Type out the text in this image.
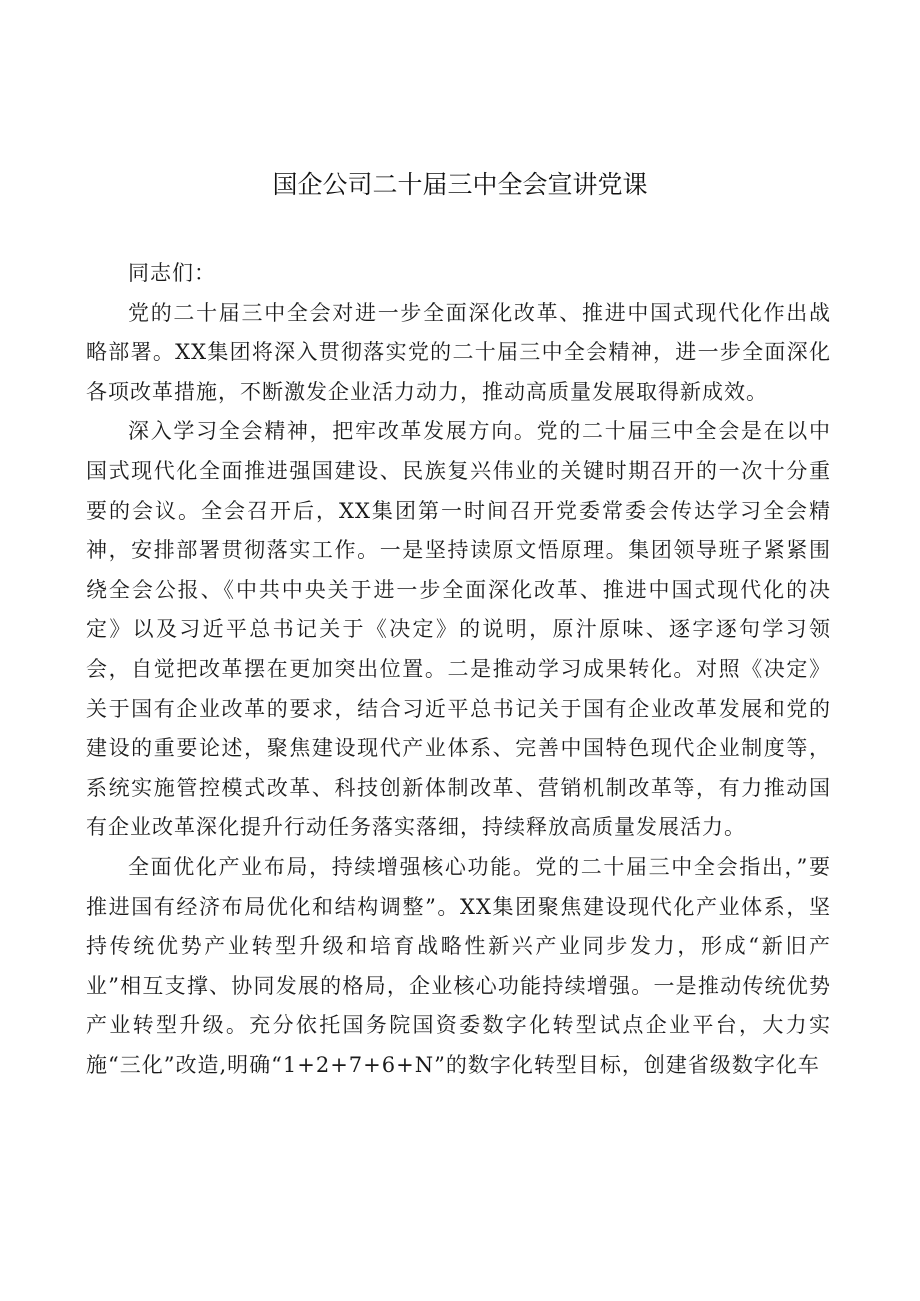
国企公司二十届三中全会宣讲党课

同志们：

党的二十届三中全会对进一步全面深化改革、推进中国式现代化作出战略部署。XX集团将深入贯彻落实党的二十届三中全会精神，进一步全面深化各项改革措施，不断激发企业活力动力，推动高质量发展取得新成效。

深入学习全会精神，把牢改革发展方向。党的二十届三中全会是在以中国式现代化全面推进强国建设、民族复兴伟业的关键时期召开的一次十分重要的会议。全会召开后，XX集团第一时间召开党委常委会传达学习全会精神，安排部署贯彻落实工作。一是坚持读原文悟原理。集团领导班子紧紧围绕全会公报、《中共中央关于进一步全面深化改革、推进中国式现代化的决定》以及习近平总书记关于《决定》的说明，原汁原味、逐字逐句学习领会，自觉把改革摆在更加突出位置。二是推动学习成果转化。对照《决定》关于国有企业改革的要求，结合习近平总书记关于国有企业改革发展和党的建设的重要论述，聚焦建设现代产业体系、完善中国特色现代企业制度等，系统实施管控模式改革、科技创新体制改革、营销机制改革等，有力推动国有企业改革深化提升行动任务落实落细，持续释放高质量发展活力。

全面优化产业布局，持续增强核心功能。党的二十届三中全会指出，”要推进国有经济布局优化和结构调整”。XX集团聚焦建设现代化产业体系，坚持传统优势产业转型升级和培育战略性新兴产业同步发力，形成“新旧产业”相互支撑、协同发展的格局，企业核心功能持续增强。一是推动传统优势产业转型升级。充分依托国务院国资委数字化转型试点企业平台，大力实施“三化”改造,明确“1+2+7+6+N”的数字化转型目标，创建省级数字化车
